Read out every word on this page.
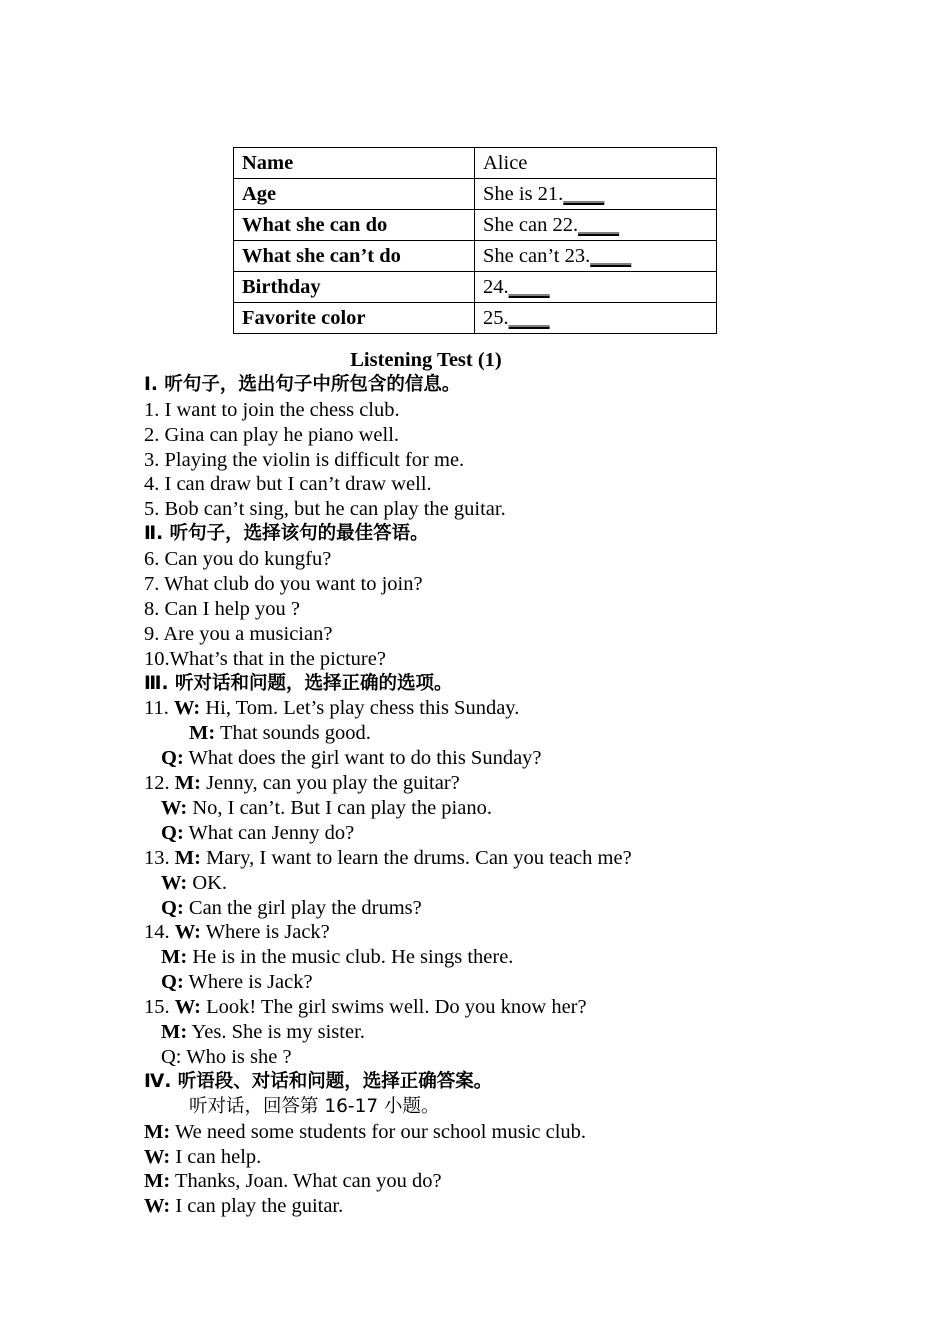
Name	Alice
Age	She is 21.____
What she can do	She can 22.____
What she can’t do	She can’t 23.____
Birthday	24.____
Favorite color	25.____
Listening Test (1)
Ⅰ. 听句子，选出句子中所包含的信息。
1. I want to join the chess club.
2. Gina can play he piano well.
3. Playing the violin is difficult for me.
4. I can draw but I can’t draw well.
5. Bob can’t sing, but he can play the guitar.
Ⅱ. 听句子，选择该句的最佳答语。
6. Can you do kungfu?
7. What club do you want to join?
8. Can I help you ?
9. Are you a musician?
10.What’s that in the picture?
Ⅲ. 听对话和问题，选择正确的选项。
11. W: Hi, Tom. Let’s play chess this Sunday.
M: That sounds good.
Q: What does the girl want to do this Sunday?
12. M: Jenny, can you play the guitar?
W: No, I can’t. But I can play the piano.
Q: What can Jenny do?
13. M: Mary, I want to learn the drums. Can you teach me?
W: OK.
Q: Can the girl play the drums?
14. W: Where is Jack?
M: He is in the music club. He sings there.
Q: Where is Jack?
15. W: Look! The girl swims well. Do you know her?
M: Yes. She is my sister.
Q: Who is she ?
Ⅳ. 听语段、对话和问题，选择正确答案。
听对话，回答第 16-17 小题。
M: We need some students for our school music club.
W: I can help.
M: Thanks, Joan. What can you do?
W: I can play the guitar.
